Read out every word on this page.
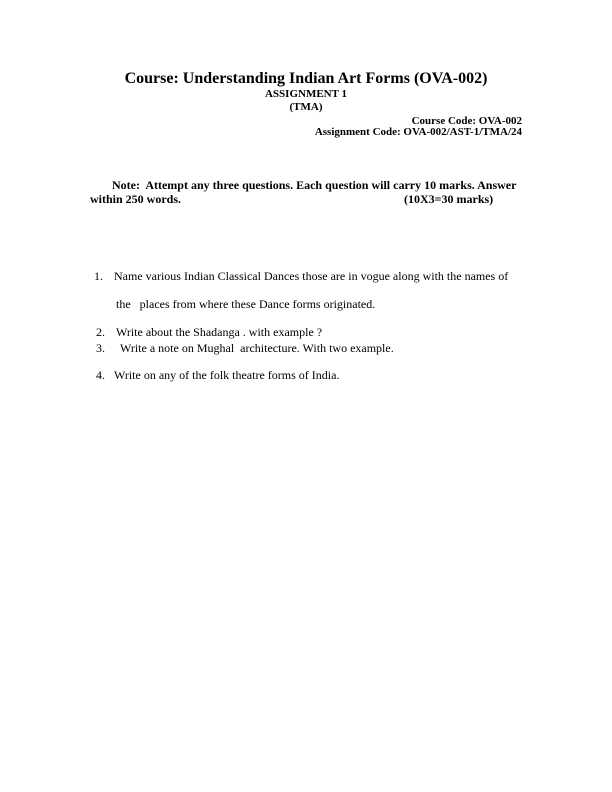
Course: Understanding Indian Art Forms (OVA-002)
ASSIGNMENT 1
(TMA)
Course Code: OVA-002
Assignment Code: OVA-002/AST-1/TMA/24
Note:  Attempt any three questions. Each question will carry 10 marks. Answer
within 250 words.	(10X3=30 marks)
1. Name various Indian Classical Dances those are in vogue along with the names of
the   places from where these Dance forms originated.
2. Write about the Shadanga . with example ?
3. Write a note on Mughal  architecture. With two example.
4. Write on any of the folk theatre forms of India.
